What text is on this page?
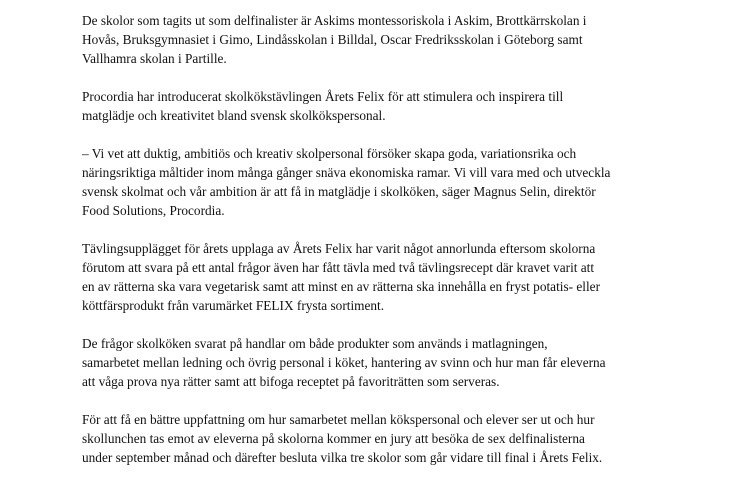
De skolor som tagits ut som delfinalister är Askims montessoriskola i Askim, Brottkärrskolan i
Hovås, Bruksgymnasiet i Gimo, Lindåsskolan i Billdal, Oscar Fredriksskolan i Göteborg samt
Vallhamra skolan i Partille.

Procordia har introducerat skolkökstävlingen Årets Felix för att stimulera och inspirera till
matglädje och kreativitet bland svensk skolkökspersonal.

– Vi vet att duktig, ambitiös och kreativ skolpersonal försöker skapa goda, variationsrika och
näringsriktiga måltider inom många gånger snäva ekonomiska ramar. Vi vill vara med och utveckla
svensk skolmat och vår ambition är att få in matglädje i skolköken, säger Magnus Selin, direktör
Food Solutions, Procordia.

Tävlingsupplägget för årets upplaga av Årets Felix har varit något annorlunda eftersom skolorna
förutom att svara på ett antal frågor även har fått tävla med två tävlingsrecept där kravet varit att
en av rätterna ska vara vegetarisk samt att minst en av rätterna ska innehålla en fryst potatis- eller
köttfärsprodukt från varumärket FELIX frysta sortiment.

De frågor skolköken svarat på handlar om både produkter som används i matlagningen,
samarbetet mellan ledning och övrig personal i köket, hantering av svinn och hur man får eleverna
att våga prova nya rätter samt att bifoga receptet på favoriträtten som serveras.

För att få en bättre uppfattning om hur samarbetet mellan kökspersonal och elever ser ut och hur
skollunchen tas emot av eleverna på skolorna kommer en jury att besöka de sex delfinalisterna
under september månad och därefter besluta vilka tre skolor som går vidare till final i Årets Felix.
